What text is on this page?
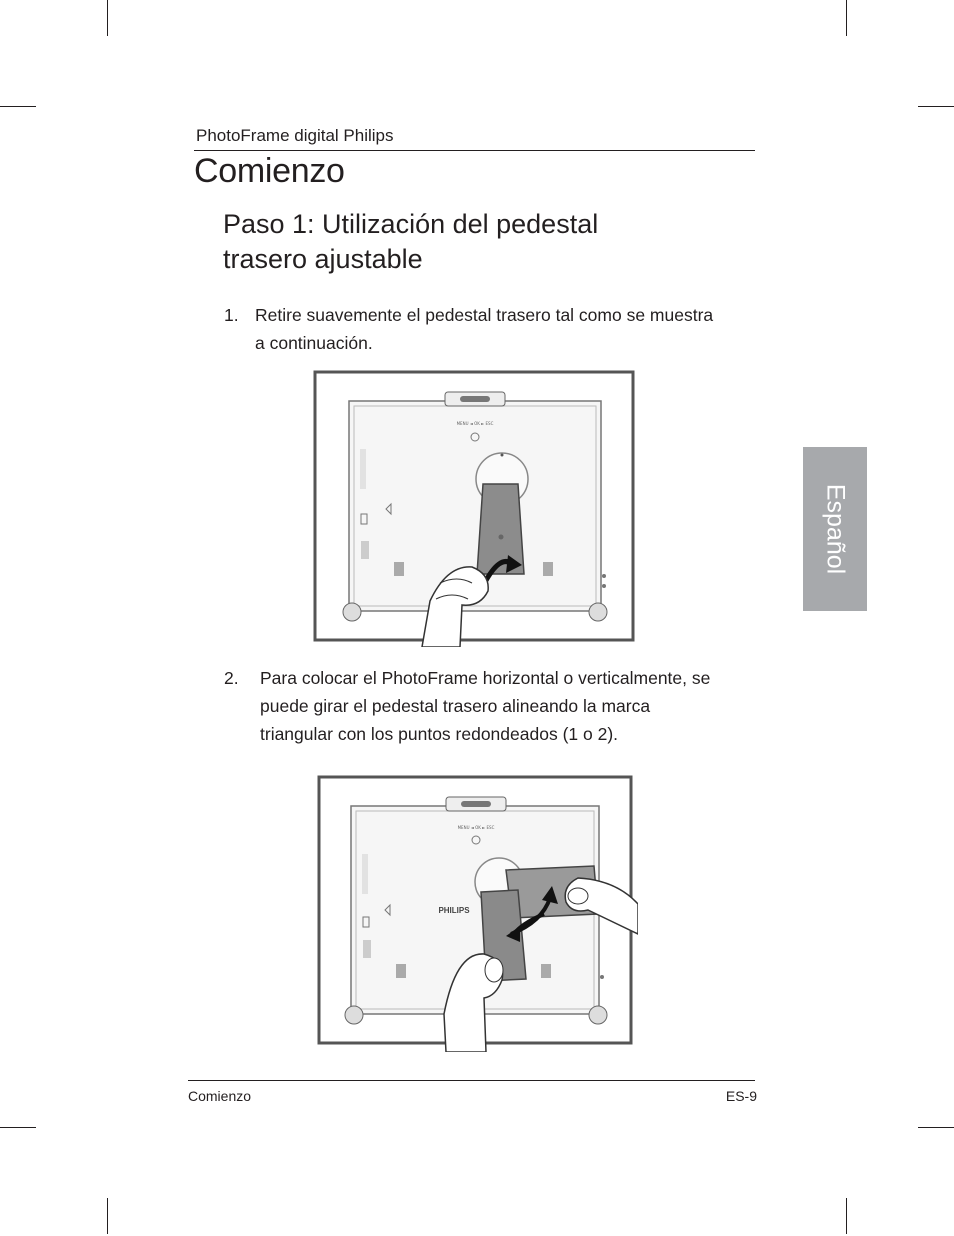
PhotoFrame digital Philips
Comienzo
Paso 1: Utilización del pedestal
trasero ajustable
1. Retire suavemente el pedestal trasero tal como se muestra
a continuación.
MENU ◄ OK ► ESC
2. Para colocar el PhotoFrame horizontal o verticalmente, se
puede girar el pedestal trasero alineando la marca
triangular con los puntos redondeados (1 o 2).
MENU ◄ OK ► ESC
PHILIPS
Español
Comienzo	ES-9
